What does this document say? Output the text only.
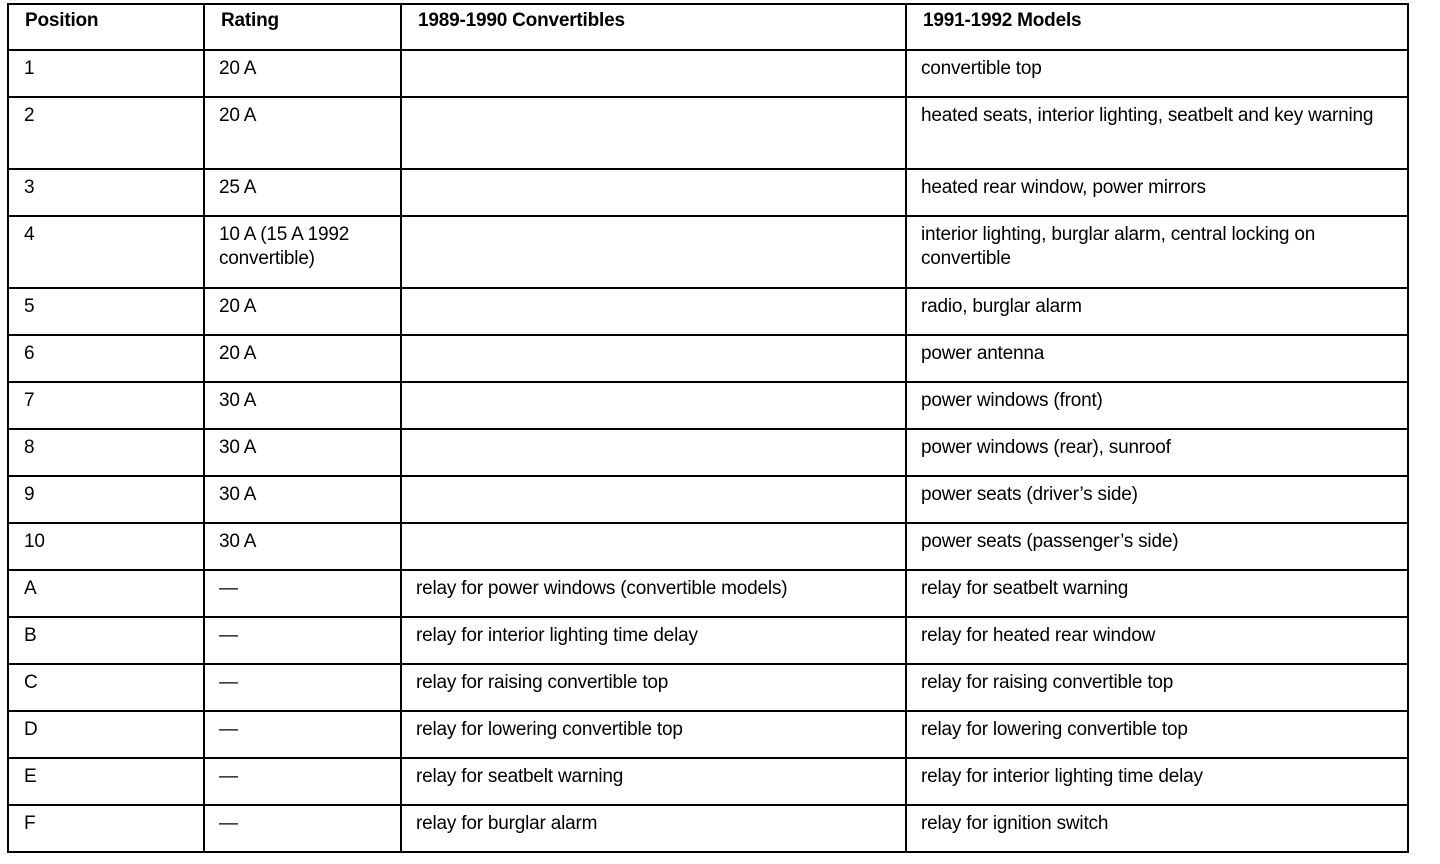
Position	Rating	1989-1990 Convertibles	1991-1992 Models
1	20 A		convertible top
2	20 A		heated seats, interior lighting, seatbelt and key warning
3	25 A		heated rear window, power mirrors
4	10 A (15 A 1992 convertible)		interior lighting, burglar alarm, central locking on convertible
5	20 A		radio, burglar alarm
6	20 A		power antenna
7	30 A		power windows (front)
8	30 A		power windows (rear), sunroof
9	30 A		power seats (driver’s side)
10	30 A		power seats (passenger’s side)
A	—	relay for power windows (convertible models)	relay for seatbelt warning
B	—	relay for interior lighting time delay	relay for heated rear window
C	—	relay for raising convertible top	relay for raising convertible top
D	—	relay for lowering convertible top	relay for lowering convertible top
E	—	relay for seatbelt warning	relay for interior lighting time delay
F	—	relay for burglar alarm	relay for ignition switch
